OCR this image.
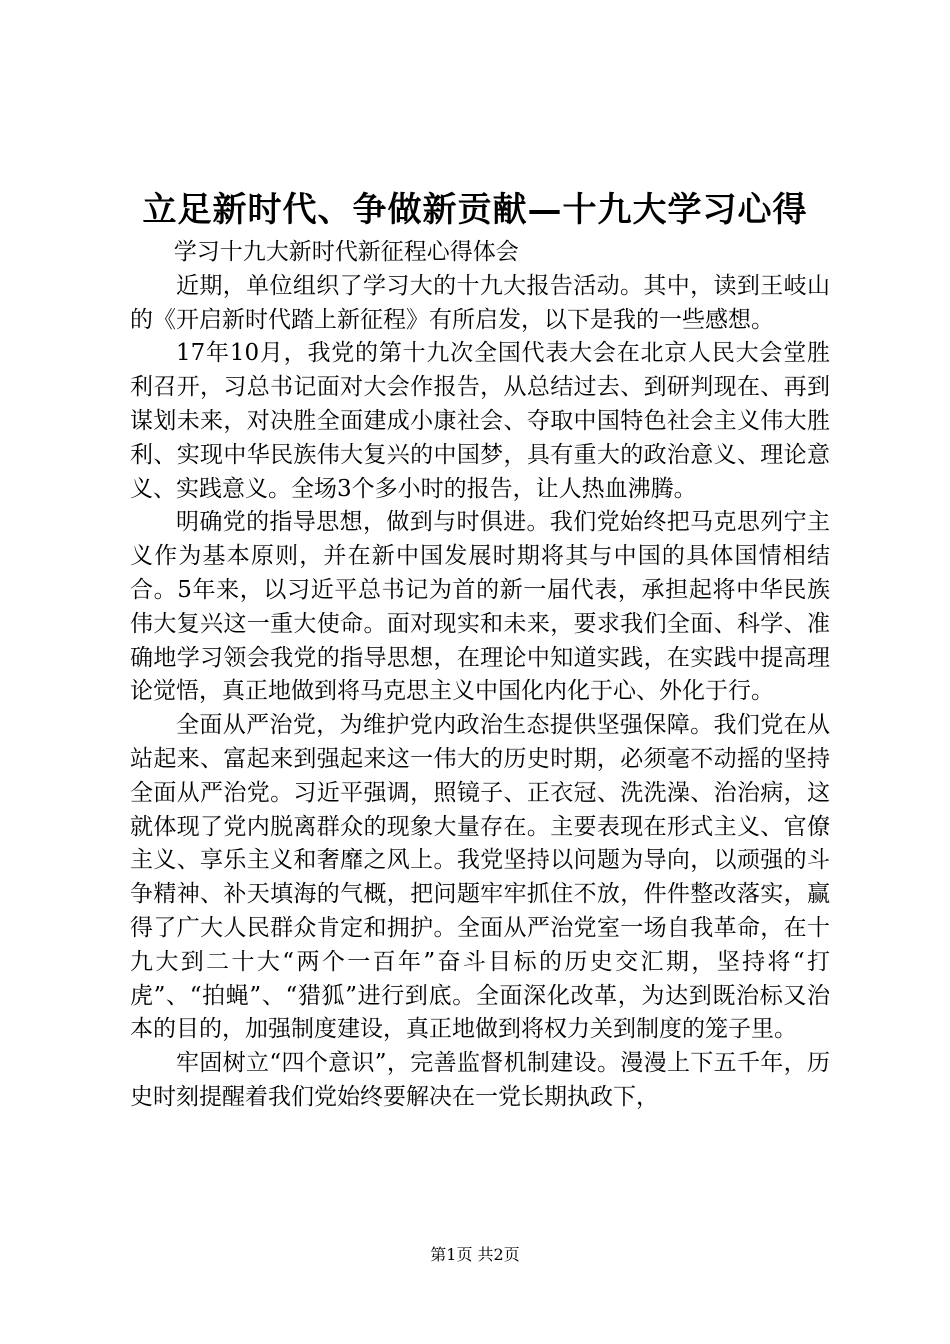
立足新时代、争做新贡献—十九大学习心得

学习十九大新时代新征程心得体会

近期，单位组织了学习大的十九大报告活动。其中，读到王岐山的《开启新时代踏上新征程》有所启发，以下是我的一些感想。

17年10月，我党的第十九次全国代表大会在北京人民大会堂胜利召开，习总书记面对大会作报告，从总结过去、到研判现在、再到谋划未来，对决胜全面建成小康社会、夺取中国特色社会主义伟大胜利、实现中华民族伟大复兴的中国梦，具有重大的政治意义、理论意义、实践意义。全场3个多小时的报告，让人热血沸腾。

明确党的指导思想，做到与时俱进。我们党始终把马克思列宁主义作为基本原则，并在新中国发展时期将其与中国的具体国情相结合。5年来，以习近平总书记为首的新一届代表，承担起将中华民族伟大复兴这一重大使命。面对现实和未来，要求我们全面、科学、准确地学习领会我党的指导思想，在理论中知道实践，在实践中提高理论觉悟，真正地做到将马克思主义中国化内化于心、外化于行。

全面从严治党，为维护党内政治生态提供坚强保障。我们党在从站起来、富起来到强起来这一伟大的历史时期，必须毫不动摇的坚持全面从严治党。习近平强调，照镜子、正衣冠、洗洗澡、治治病，这就体现了党内脱离群众的现象大量存在。主要表现在形式主义、官僚主义、享乐主义和奢靡之风上。我党坚持以问题为导向，以顽强的斗争精神、补天填海的气概，把问题牢牢抓住不放，件件整改落实，赢得了广大人民群众肯定和拥护。全面从严治党室一场自我革命，在十九大到二十大“两个一百年”奋斗目标的历史交汇期，坚持将“打虎”、“拍蝇”、“猎狐”进行到底。全面深化改革，为达到既治标又治本的目的，加强制度建设，真正地做到将权力关到制度的笼子里。

牢固树立“四个意识”，完善监督机制建设。漫漫上下五千年，历史时刻提醒着我们党始终要解决在一党长期执政下，

第1页 共2页
